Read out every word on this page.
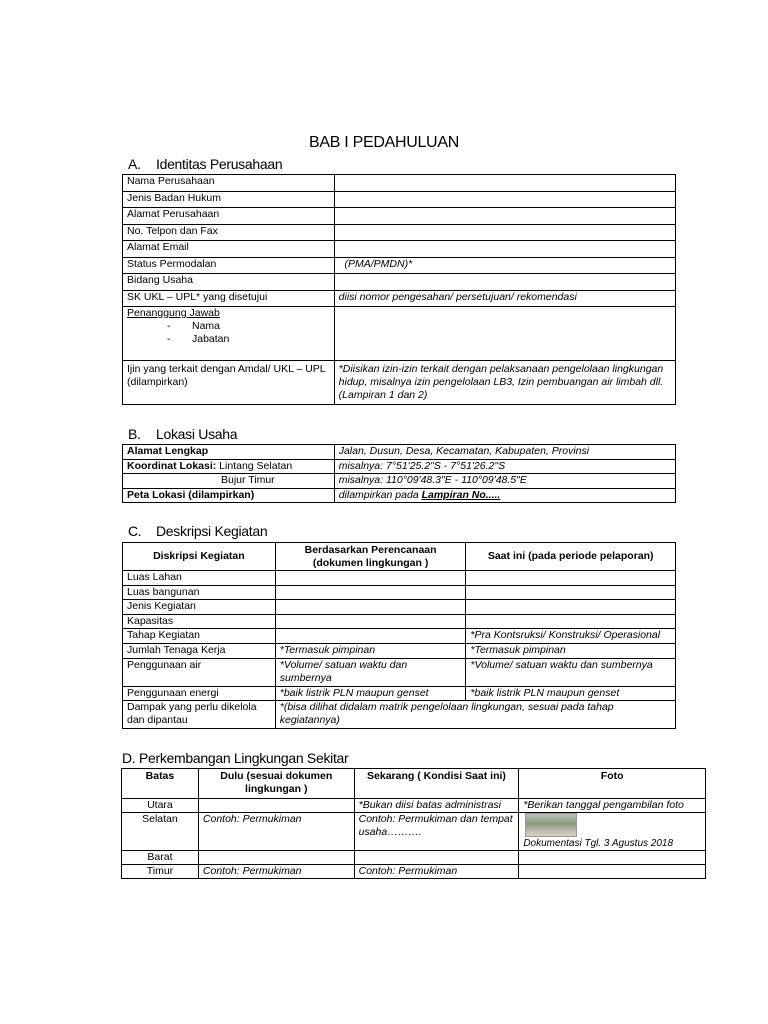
BAB I PEDAHULUAN
A. Identitas Perusahaan
Nama Perusahaan	
Jenis Badan Hukum	
Alamat Perusahaan	
No. Telpon dan Fax	
Alamat Email	
Status Permodalan	(PMA/PMDN)*
Bidang Usaha	
SK UKL – UPL* yang disetujui	diisi nomor pengesahan/ persetujuan/ rekomendasi
Penanggung Jawab
- Nama
- Jabatan	

Ijin yang terkait dengan Amdal/ UKL – UPL (dilampirkan)	*Diisikan izin-izin terkait dengan pelaksanaan pengelolaan lingkungan hidup, misalnya izin pengelolaan LB3, Izin pembuangan air limbah dll. (Lampiran 1 dan 2)
B. Lokasi Usaha
Alamat Lengkap	Jalan, Dusun, Desa, Kecamatan, Kabupaten, Provinsi
Koordinat Lokasi: Lintang Selatan	misalnya: 7°51'25.2"S - 7°51'26.2"S
Bujur Timur	misalnya: 110°09'48.3"E - 110°09'48.5"E
Peta Lokasi (dilampirkan)	dilampirkan pada Lampiran No.....
C. Deskripsi Kegiatan
Diskripsi Kegiatan	Berdasarkan Perencanaan (dokumen lingkungan )	Saat ini (pada periode pelaporan)
Luas Lahan		
Luas bangunan		
Jenis Kegiatan		
Kapasitas		
Tahap Kegiatan		*Pra Kontsruksi/ Konstruksi/ Operasional
Jumlah Tenaga Kerja	*Termasuk pimpinan	*Termasuk pimpinan
Penggunaan air	*Volume/ satuan waktu dan sumbernya	*Volume/ satuan waktu dan sumbernya
Penggunaan energi	*baik listrik PLN maupun genset	*baik listrik PLN maupun genset
Dampak yang perlu dikelola dan dipantau	*(bisa dilihat didalam matrik pengelolaan lingkungan, sesuai pada tahap kegiatannya)	
D. Perkembangan Lingkungan Sekitar
Batas	Dulu (sesuai dokumen lingkungan )	Sekarang ( Kondisi Saat ini)	Foto
Utara		*Bukan diisi batas administrasi	*Berikan tanggal pengambilan foto
Selatan	Contoh: Permukiman	Contoh: Permukiman dan tempat usaha……….	Dokumentasi Tgl. 3 Agustus 2018
Barat			
Timur	Contoh: Permukiman	Contoh: Permukiman	
